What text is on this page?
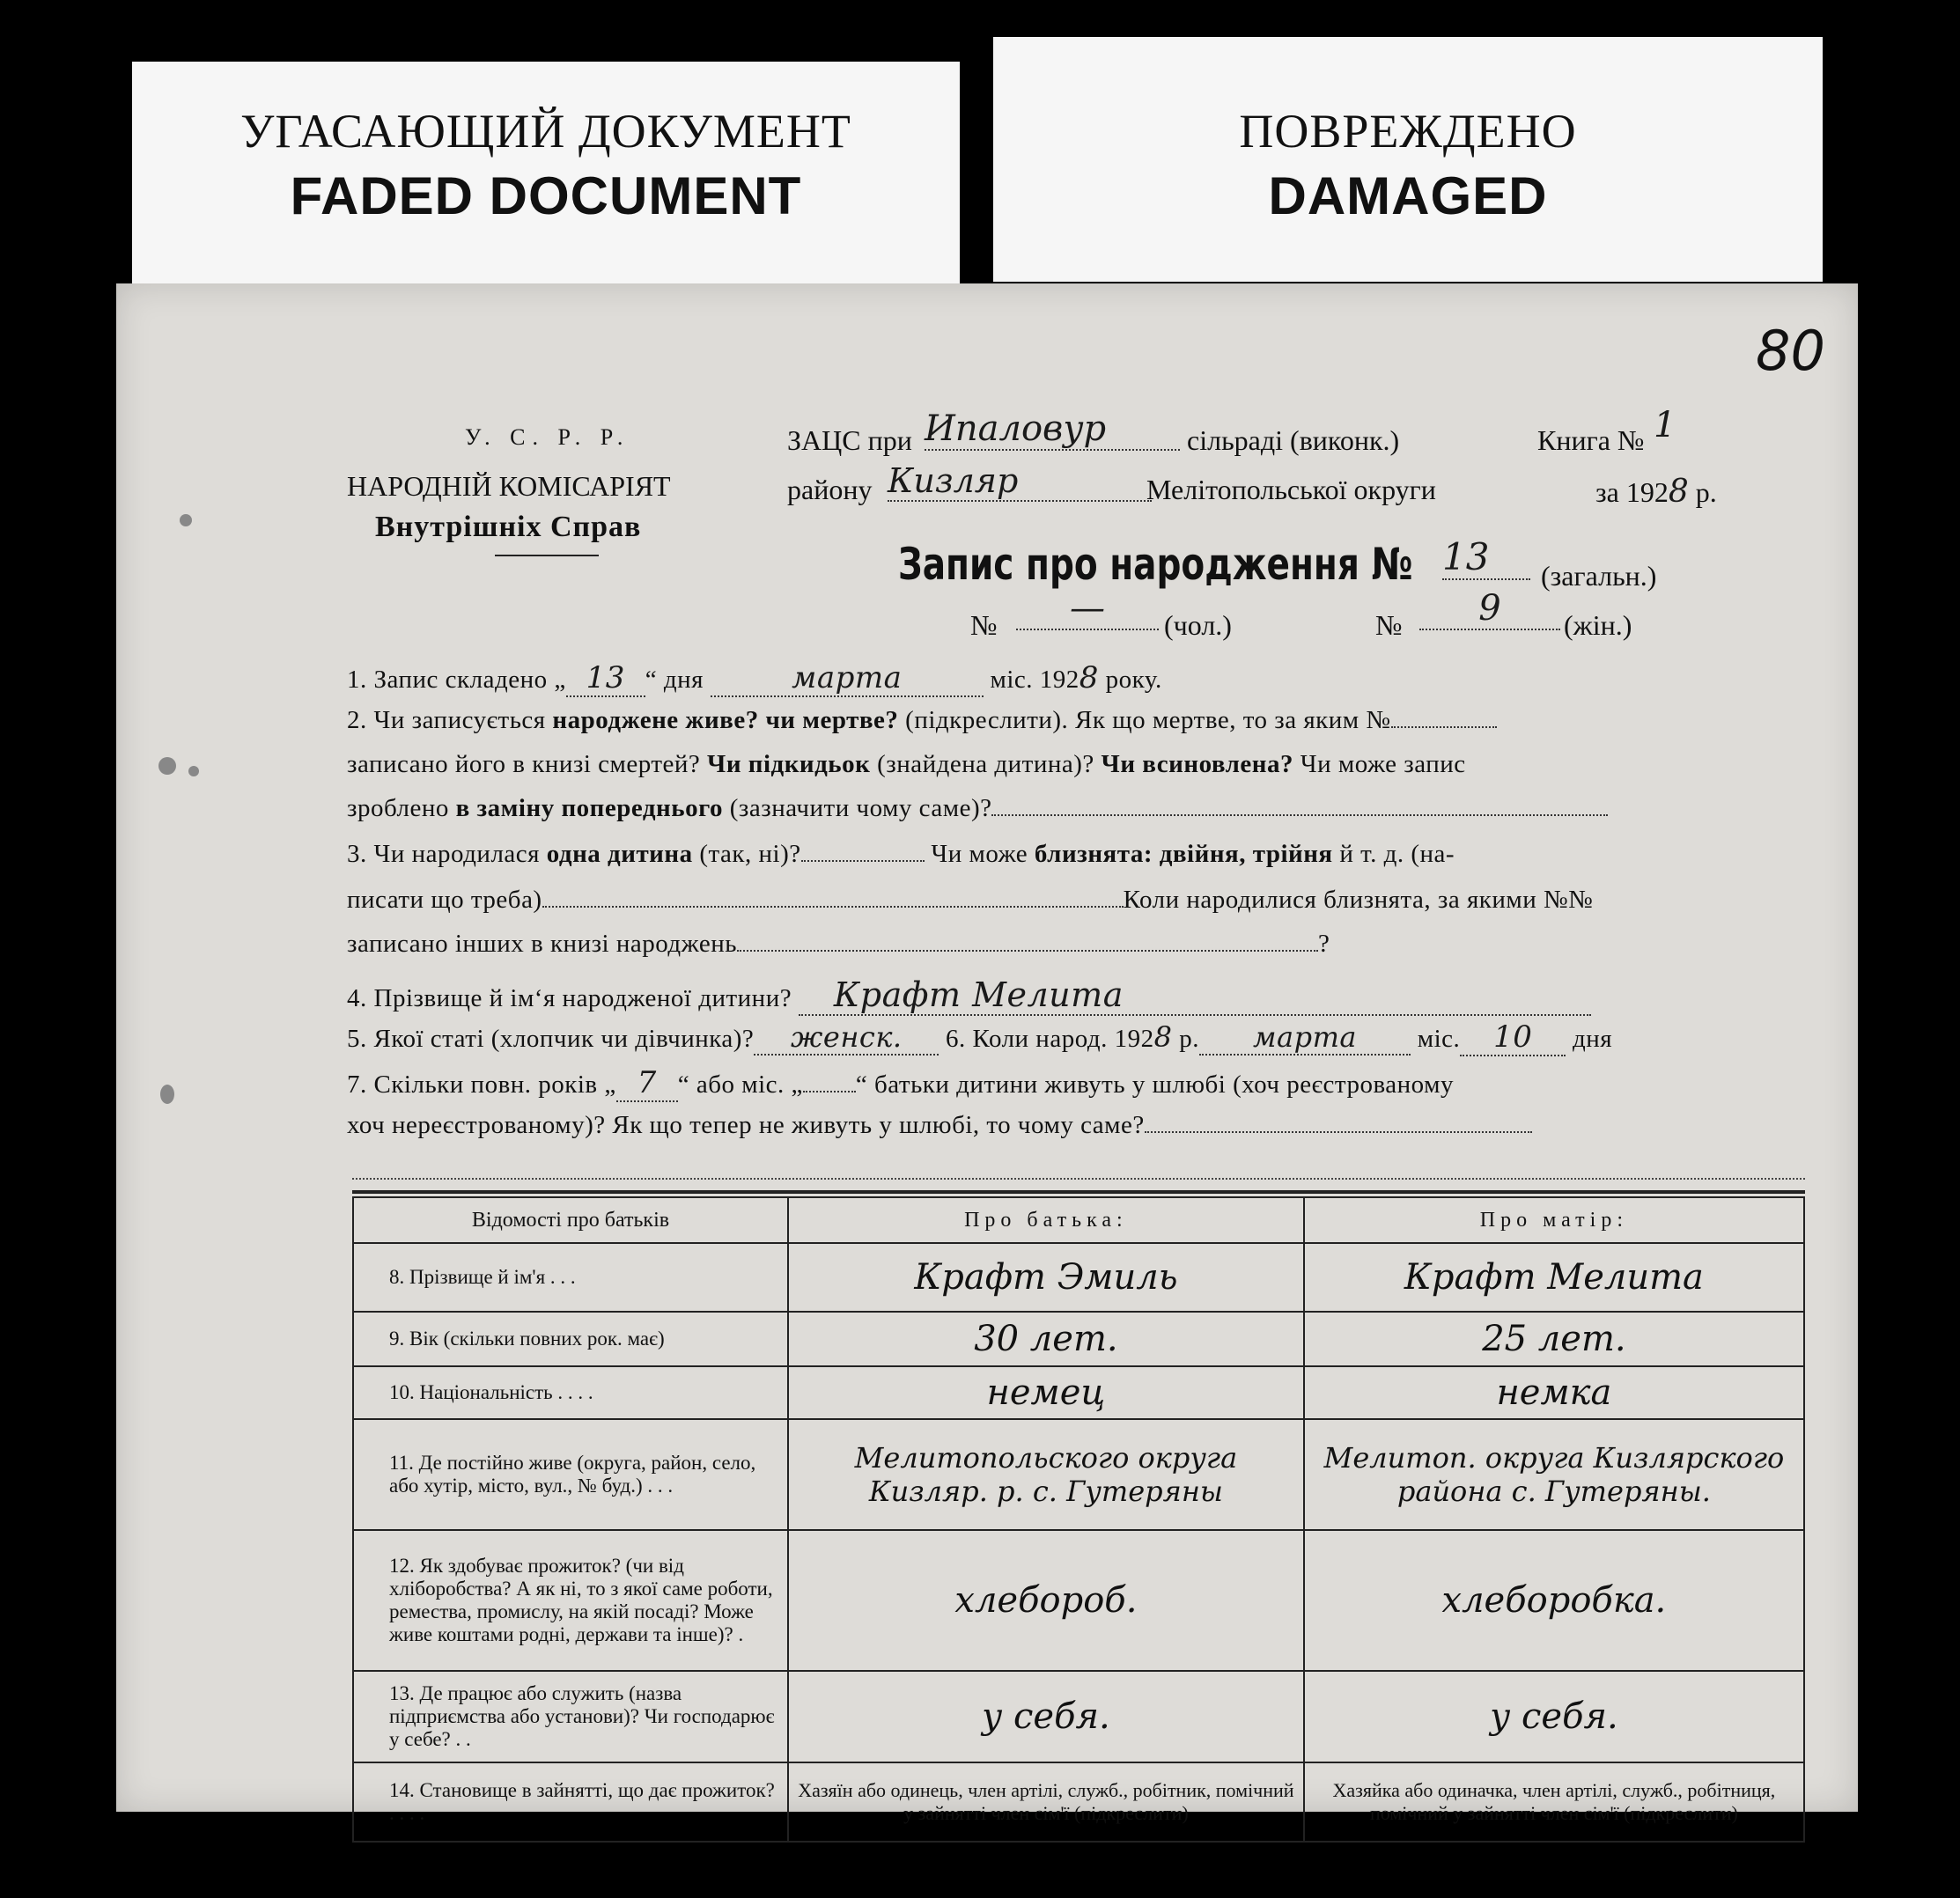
УГАСАЮЩИЙ ДОКУМЕНТ
FADED DOCUMENT
ПОВРЕЖДЕНО
DAMAGED
80
У. С. Р. Р.
НАРОДНІЙ КОМІСАРІЯТ
Внутрішніх Справ
ЗАЦС при Ипаловур	сільраді (виконк.)	Книга № 1
району Кизляр	Мелітопольської округи	за 1928 р.
Запис про народження № 13	(загальн.)
№	—	(чол.)	№	9	(жін.)
1. Запис складено „ 13 “ дня	марта	міс. 1928 року.
2. Чи записується народжене живе? чи мертве? (підкреслити). Як що мертве, то за яким №
записано його в книзі смертей? Чи підкидьок (знайдена дитина)? Чи всиновлена? Чи може запис
зроблено в заміну попереднього (зазначити чому саме)?
3. Чи народилася одна дитина (так, ні)?	Чи може близнята: двійня, трійня й т. д. (на-
писати що треба)	Коли народилися близнята, за якими №№
записано інших в книзі народжень	?
4. Прізвище й ім‘я народженої дитини? Крафт Мелита
5. Якої статі (хлопчик чи дівчинка)? женск. 6. Коли народ. 1928 р. марта міс. 10 дня
7. Скільки повн. років „ 7 “ або міс. „ “ батьки дитини живуть у шлюбі (хоч реєстрованому
хоч нереєстрованому)? Як що тепер не живуть у шлюбі, то чому саме?
Відомості про батьків	Про батька:	Про матір:
8. Прізвище й ім'я . . .	Крафт Эмиль	Крафт Мелита
9. Вік (скільки повних рок. має)	30 лет.	25 лет.
10. Національність . . . .	немец	немка
11. Де постійно живе (округа, район, село, або хутір, місто, вул., № буд.) . . .	Мелитопольского округа Кизляр. р. с. Гутеряны	Мелитоп. округа Кизлярского района с. Гутеряны.
12. Як здобуває прожиток? (чи від хліборобства? А як ні, то з якої саме роботи, ремества, промислу, на якій посаді? Може живе коштами родні, держави та інше)? .	хлебороб.	хлеборобка.
13. Де працює або служить (назва підприємства або установи)? Чи господарює у себе? . .	у себя.	у себя.
14. Становище в зайнятті, що дає прожиток? . . . .	Хазяїн або одинець, член артілі, служб., робітник, помічний у зайнятті член сім'ї (підкреслити)	Хазяйка або одиначка, член артілі, служб., робітниця, помічний у зайнятті член сім'ї (підкреслити)
